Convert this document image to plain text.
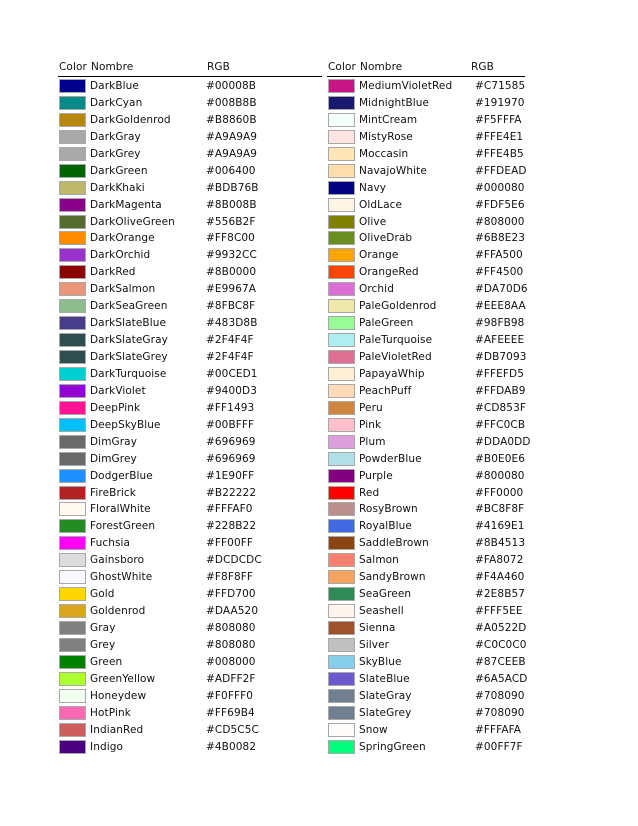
Color Nombre	RGB	Color Nombre	RGB
DarkBlue	#00008B
DarkCyan	#008B8B
DarkGoldenrod	#B8860B
DarkGray	#A9A9A9
DarkGrey	#A9A9A9
DarkGreen	#006400
DarkKhaki	#BDB76B
DarkMagenta	#8B008B
DarkOliveGreen	#556B2F
DarkOrange	#FF8C00
DarkOrchid	#9932CC
DarkRed	#8B0000
DarkSalmon	#E9967A
DarkSeaGreen	#8FBC8F
DarkSlateBlue	#483D8B
DarkSlateGray	#2F4F4F
DarkSlateGrey	#2F4F4F
DarkTurquoise	#00CED1
DarkViolet	#9400D3
DeepPink	#FF1493
DeepSkyBlue	#00BFFF
DimGray	#696969
DimGrey	#696969
DodgerBlue	#1E90FF
FireBrick	#B22222
FloralWhite	#FFFAF0
ForestGreen	#228B22
Fuchsia	#FF00FF
Gainsboro	#DCDCDC
GhostWhite	#F8F8FF
Gold	#FFD700
Goldenrod	#DAA520
Gray	#808080
Grey	#808080
Green	#008000
GreenYellow	#ADFF2F
Honeydew	#F0FFF0
HotPink	#FF69B4
IndianRed	#CD5C5C
Indigo	#4B0082
MediumVioletRed #C71585
MidnightBlue	#191970
MintCream	#F5FFFA
MistyRose	#FFE4E1
Moccasin	#FFE4B5
NavajoWhite	#FFDEAD
Navy	#000080
OldLace	#FDF5E6
Olive	#808000
OliveDrab	#6B8E23
Orange	#FFA500
OrangeRed	#FF4500
Orchid	#DA70D6
PaleGoldenrod	#EEE8AA
PaleGreen	#98FB98
PaleTurquoise	#AFEEEE
PaleVioletRed	#DB7093
PapayaWhip	#FFEFD5
PeachPuff	#FFDAB9
Peru	#CD853F
Pink	#FFC0CB
Plum	#DDA0DD
PowderBlue	#B0E0E6
Purple	#800080
Red	#FF0000
RosyBrown	#BC8F8F
RoyalBlue	#4169E1
SaddleBrown	#8B4513
Salmon	#FA8072
SandyBrown	#F4A460
SeaGreen	#2E8B57
Seashell	#FFF5EE
Sienna	#A0522D
Silver	#C0C0C0
SkyBlue	#87CEEB
SlateBlue	#6A5ACD
SlateGray	#708090
SlateGrey	#708090
Snow	#FFFAFA
SpringGreen	#00FF7F
